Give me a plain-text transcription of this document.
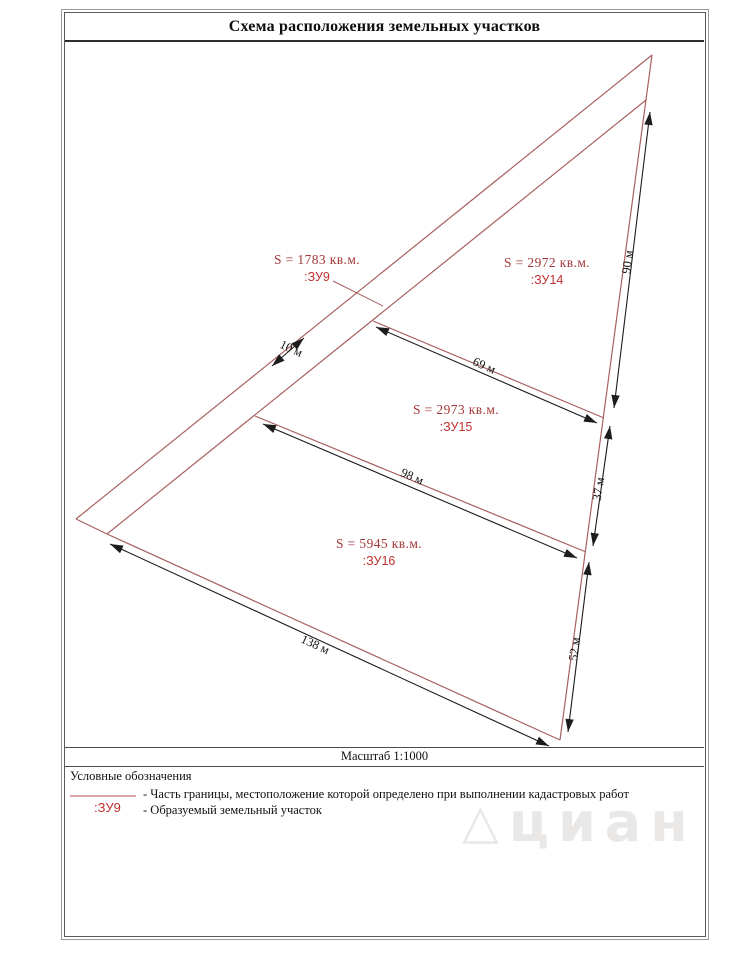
Схема расположения земельных участков
S = 1783 кв.м.
:ЗУ9
S = 2972 кв.м.
:ЗУ14
S = 2973 кв.м.
:ЗУ15
S = 5945 кв.м.
:ЗУ16
10 м
69 м
90 м
37 м
98 м
52 м
138 м
Масштаб 1:1000
Условные обозначения
- Часть границы, местоположение которой определено при выполнении кадастровых работ
:ЗУ9 - Образуемый земельный участок	△ циан
